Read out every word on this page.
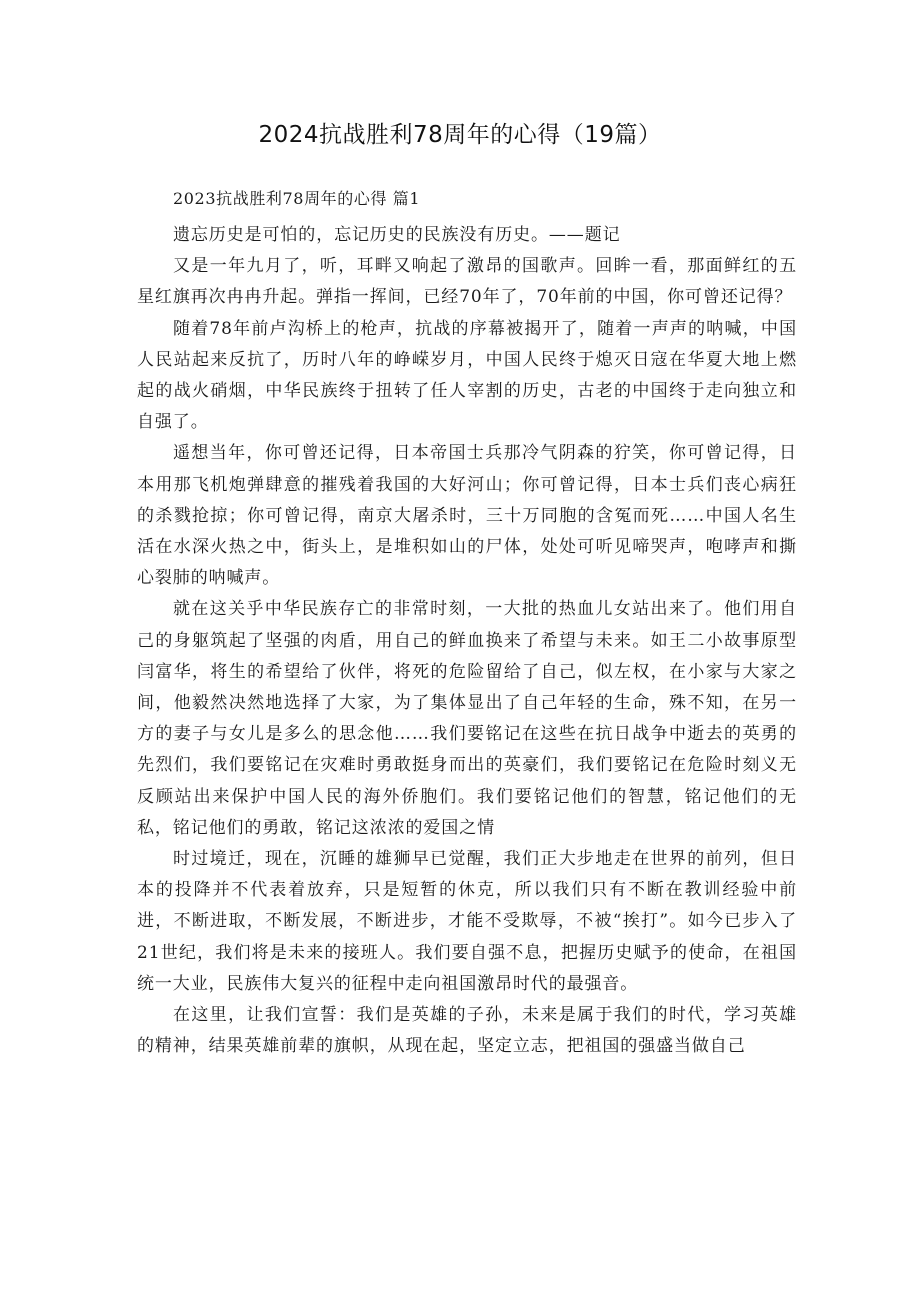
2024抗战胜利78周年的心得（19篇）
2023抗战胜利78周年的心得 篇1

遗忘历史是可怕的，忘记历史的民族没有历史。——题记

又是一年九月了，听，耳畔又响起了激昂的国歌声。回眸一看，那面鲜红的五星红旗再次冉冉升起。弹指一挥间，已经70年了，70年前的中国，你可曾还记得？

随着78年前卢沟桥上的枪声，抗战的序幕被揭开了，随着一声声的呐喊，中国人民站起来反抗了，历时八年的峥嵘岁月，中国人民终于熄灭日寇在华夏大地上燃起的战火硝烟，中华民族终于扭转了任人宰割的历史，古老的中国终于走向独立和自强了。

遥想当年，你可曾还记得，日本帝国士兵那冷气阴森的狞笑，你可曾记得，日本用那飞机炮弹肆意的摧残着我国的大好河山；你可曾记得，日本士兵们丧心病狂的杀戮抢掠；你可曾记得，南京大屠杀时，三十万同胞的含冤而死……中国人名生活在水深火热之中，街头上，是堆积如山的尸体，处处可听见啼哭声，咆哮声和撕心裂肺的呐喊声。

就在这关乎中华民族存亡的非常时刻，一大批的热血儿女站出来了。他们用自己的身躯筑起了坚强的肉盾，用自己的鲜血换来了希望与未来。如王二小故事原型闫富华，将生的希望给了伙伴，将死的危险留给了自己，似左权，在小家与大家之间，他毅然决然地选择了大家，为了集体显出了自己年轻的生命，殊不知，在另一方的妻子与女儿是多么的思念他……我们要铭记在这些在抗日战争中逝去的英勇的先烈们，我们要铭记在灾难时勇敢挺身而出的英豪们，我们要铭记在危险时刻义无反顾站出来保护中国人民的海外侨胞们。我们要铭记他们的智慧，铭记他们的无私，铭记他们的勇敢，铭记这浓浓的爱国之情

时过境迁，现在，沉睡的雄狮早已觉醒，我们正大步地走在世界的前列，但日本的投降并不代表着放弃，只是短暂的休克，所以我们只有不断在教训经验中前进，不断进取，不断发展，不断进步，才能不受欺辱，不被“挨打”。如今已步入了21世纪，我们将是未来的接班人。我们要自强不息，把握历史赋予的使命，在祖国统一大业，民族伟大复兴的征程中走向祖国激昂时代的最强音。

在这里，让我们宣誓：我们是英雄的子孙，未来是属于我们的时代，学习英雄的精神，结果英雄前辈的旗帜，从现在起，坚定立志，把祖国的强盛当做自己
